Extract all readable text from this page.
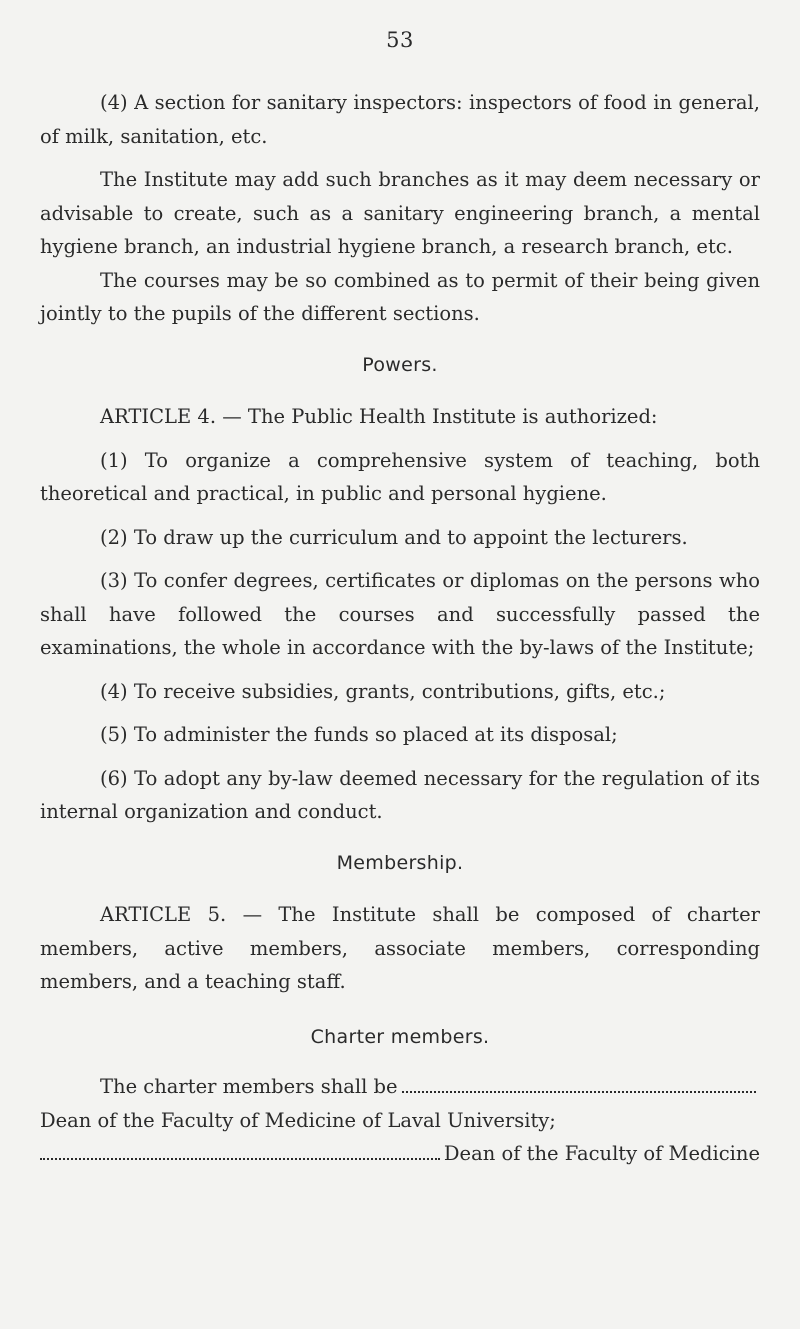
53

(4) A section for sanitary inspectors: inspectors of food in general, of milk, sanitation, etc.

The Institute may add such branches as it may deem necessary or advisable to create, such as a sanitary engineering branch, a mental hygiene branch, an industrial hygiene branch, a research branch, etc.

The courses may be so combined as to permit of their being given jointly to the pupils of the different sections.

Powers.

ARTICLE 4. — The Public Health Institute is authorized:

(1) To organize a comprehensive system of teaching, both theoretical and practical, in public and personal hygiene.

(2) To draw up the curriculum and to appoint the lecturers.

(3) To confer degrees, certificates or diplomas on the persons who shall have followed the courses and successfully passed the examinations, the whole in accordance with the by-laws of the Institute;

(4) To receive subsidies, grants, contributions, gifts, etc.;

(5) To administer the funds so placed at its disposal;

(6) To adopt any by-law deemed necessary for the regulation of its internal organization and conduct.

Membership.

ARTICLE 5. — The Institute shall be composed of charter members, active members, associate members, corresponding members, and a teaching staff.

Charter members.

The charter members shall be
Dean of the Faculty of Medicine of Laval University;
Dean of the Faculty of Medicine
